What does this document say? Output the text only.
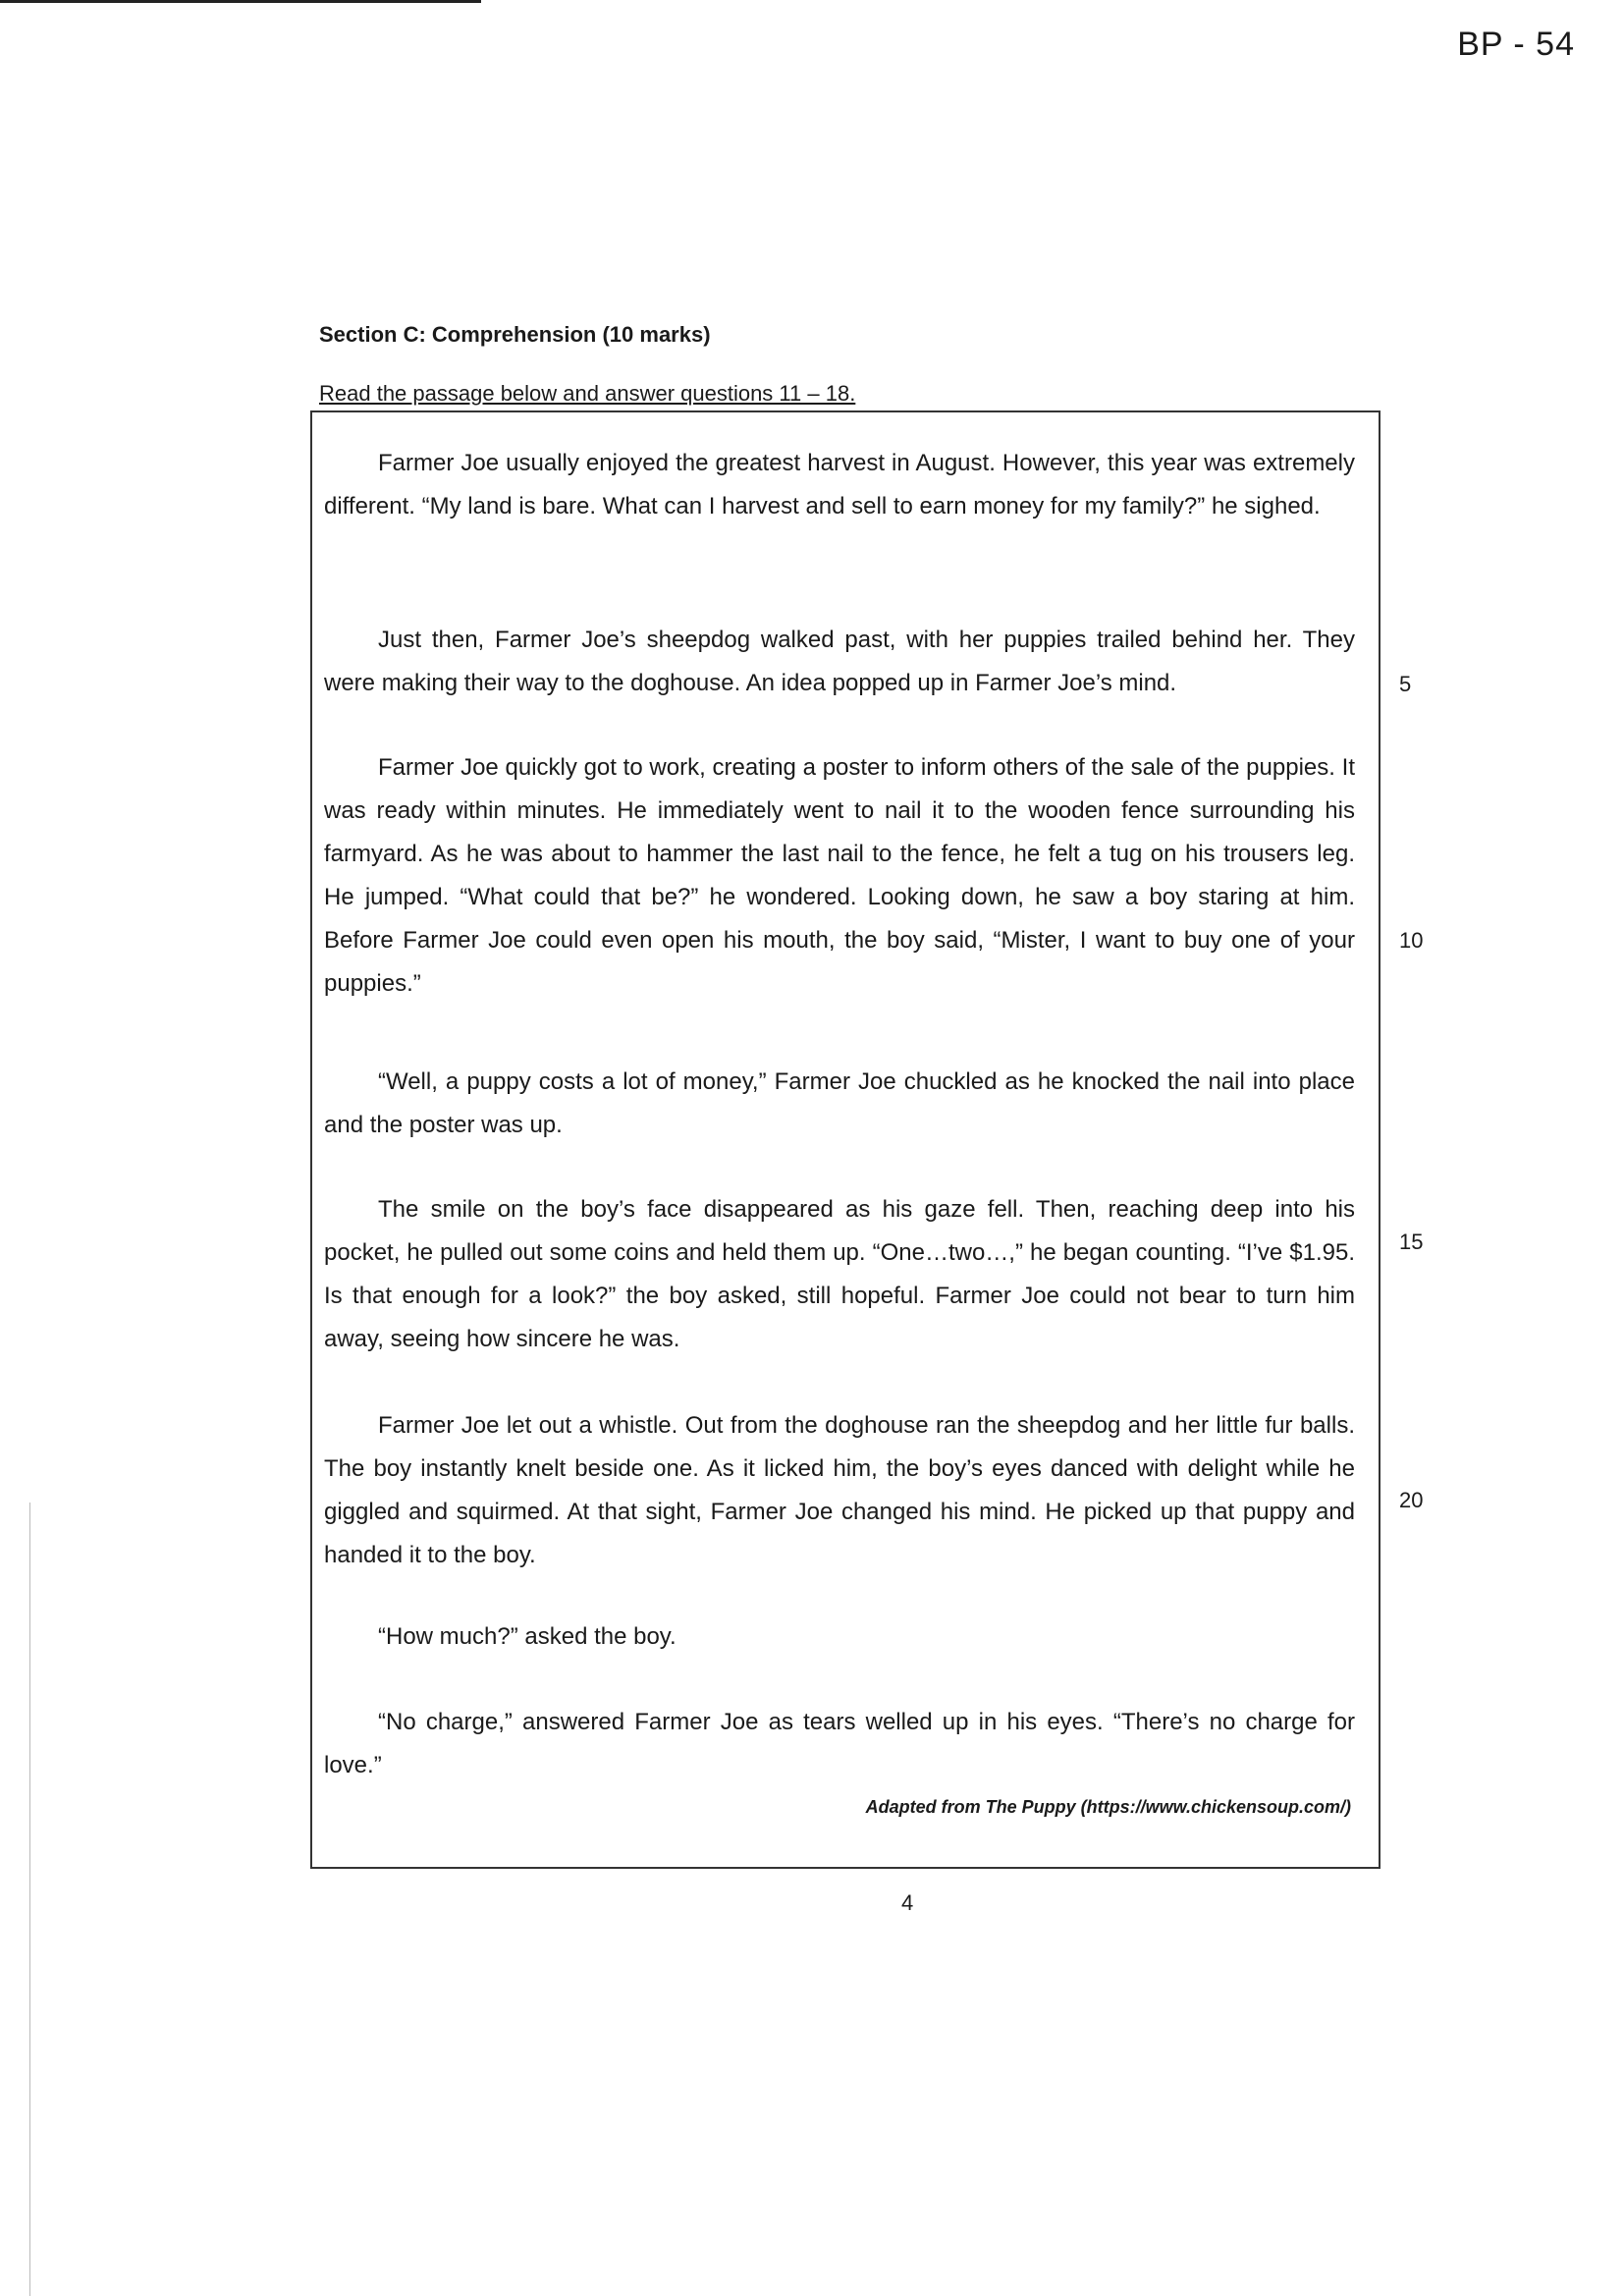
BP - 54
Section C: Comprehension (10 marks)
Read the passage below and answer questions 11 – 18.

Farmer Joe usually enjoyed the greatest harvest in August. However, this year was extremely different. “My land is bare. What can I harvest and sell to earn money for my family?” he sighed.

Just then, Farmer Joe’s sheepdog walked past, with her puppies trailed behind her. They were making their way to the doghouse. An idea popped up in Farmer Joe’s mind.

Farmer Joe quickly got to work, creating a poster to inform others of the sale of the puppies. It was ready within minutes. He immediately went to nail it to the wooden fence surrounding his farmyard. As he was about to hammer the last nail to the fence, he felt a tug on his trousers leg. He jumped. “What could that be?” he wondered. Looking down, he saw a boy staring at him. Before Farmer Joe could even open his mouth, the boy said, “Mister, I want to buy one of your puppies.”

“Well, a puppy costs a lot of money,” Farmer Joe chuckled as he knocked the nail into place and the poster was up.

The smile on the boy’s face disappeared as his gaze fell. Then, reaching deep into his pocket, he pulled out some coins and held them up. “One…two…,” he began counting. “I’ve $1.95. Is that enough for a look?” the boy asked, still hopeful. Farmer Joe could not bear to turn him away, seeing how sincere he was.

Farmer Joe let out a whistle. Out from the doghouse ran the sheepdog and her little fur balls. The boy instantly knelt beside one. As it licked him, the boy’s eyes danced with delight while he giggled and squirmed. At that sight, Farmer Joe changed his mind. He picked up that puppy and handed it to the boy.

“How much?” asked the boy.

“No charge,” answered Farmer Joe as tears welled up in his eyes. “There’s no charge for love.”

Adapted from The Puppy (https://www.chickensoup.com/)
5
10
15
20
4
